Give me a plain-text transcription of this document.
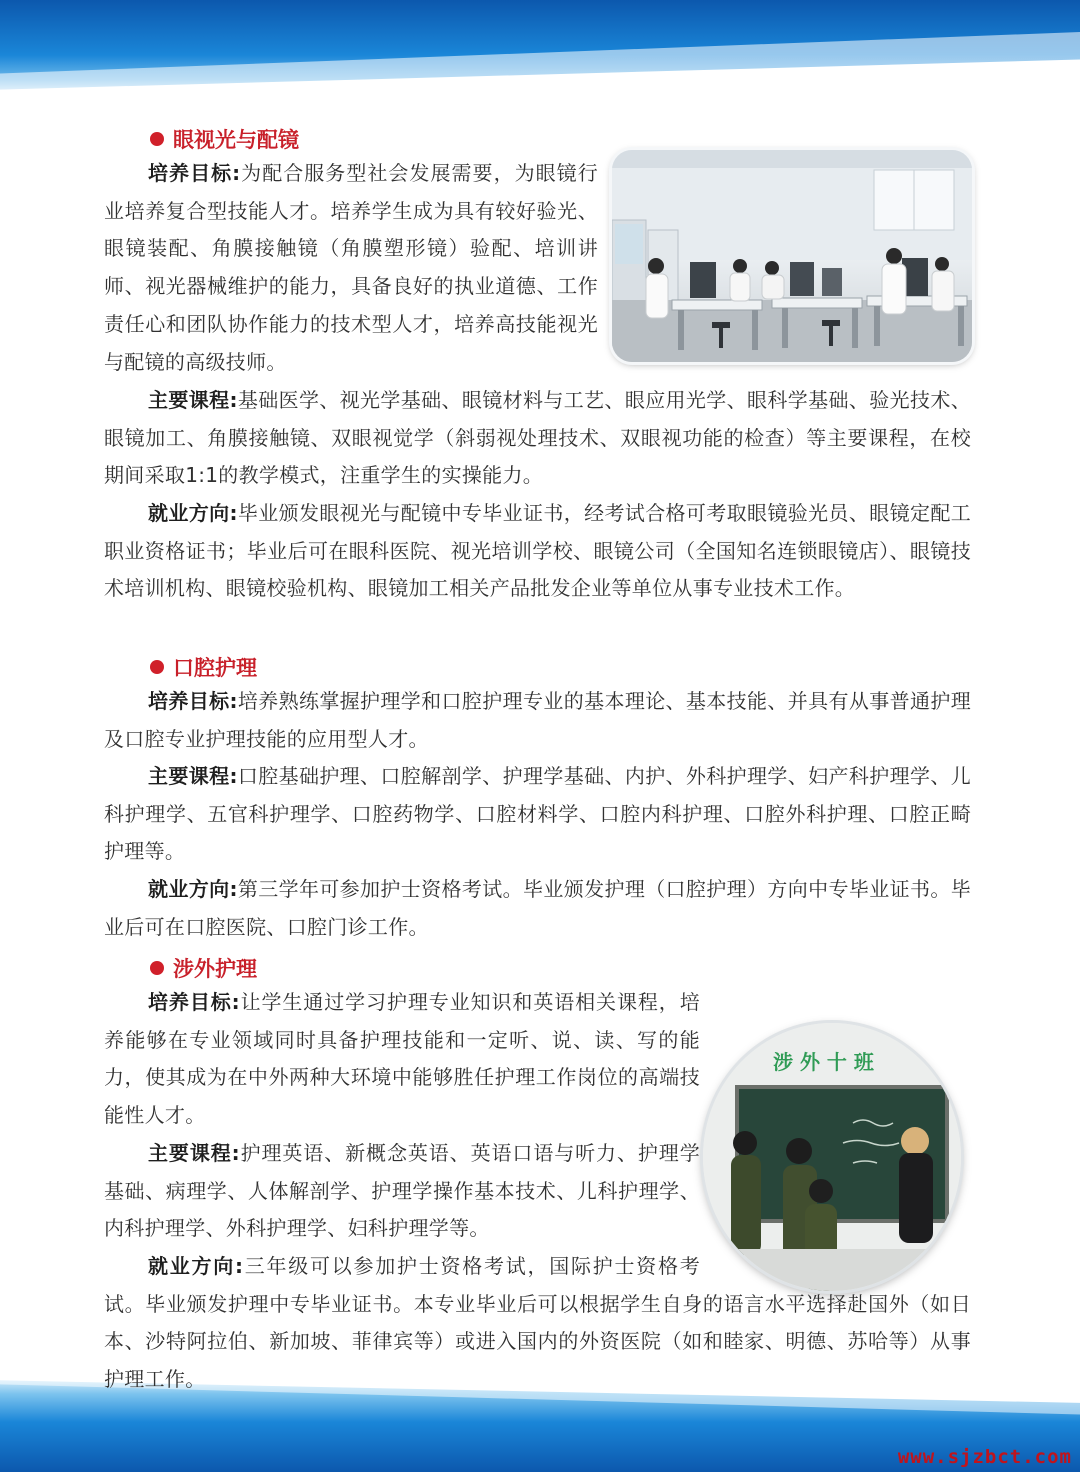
眼视光与配镜

培养目标:为配合服务型社会发展需要，为眼镜行业培养复合型技能人才。培养学生成为具有较好验光、眼镜装配、角膜接触镜（角膜塑形镜）验配、培训讲师、视光器械维护的能力，具备良好的执业道德、工作责任心和团队协作能力的技术型人才，培养高技能视光与配镜的高级技师。

主要课程:基础医学、视光学基础、眼镜材料与工艺、眼应用光学、眼科学基础、验光技术、眼镜加工、角膜接触镜、双眼视觉学（斜弱视处理技术、双眼视功能的检查）等主要课程，在校期间采取1:1的教学模式，注重学生的实操能力。

就业方向:毕业颁发眼视光与配镜中专毕业证书，经考试合格可考取眼镜验光员、眼镜定配工职业资格证书；毕业后可在眼科医院、视光培训学校、眼镜公司（全国知名连锁眼镜店）、眼镜技术培训机构、眼镜校验机构、眼镜加工相关产品批发企业等单位从事专业技术工作。

口腔护理

培养目标:培养熟练掌握护理学和口腔护理专业的基本理论、基本技能、并具有从事普通护理及口腔专业护理技能的应用型人才。

主要课程:口腔基础护理、口腔解剖学、护理学基础、内护、外科护理学、妇产科护理学、儿科护理学、五官科护理学、口腔药物学、口腔材料学、口腔内科护理、口腔外科护理、口腔正畸护理等。

就业方向:第三学年可参加护士资格考试。毕业颁发护理（口腔护理）方向中专毕业证书。毕业后可在口腔医院、口腔门诊工作。

涉外护理

培养目标:让学生通过学习护理专业知识和英语相关课程，培养能够在专业领域同时具备护理技能和一定听、说、读、写的能力，使其成为在中外两种大环境中能够胜任护理工作岗位的高端技能性人才。
主要课程:护理英语、新概念英语、英语口语与听力、护理学基础、病理学、人体解剖学、护理学操作基本技术、儿科护理学、内科护理学、外科护理学、妇科护理学等。
就业方向:三年级可以参加护士资格考试，国际护士资格考试。毕业颁发护理中专毕业证书。本专业毕业后可以根据学生自身的语言水平选择赴国外（如日本、沙特阿拉伯、新加坡、菲律宾等）或进入国内的外资医院（如和睦家、明德、苏哈等）从事护理工作。

涉 外 十 班
www.sjzbct.com
